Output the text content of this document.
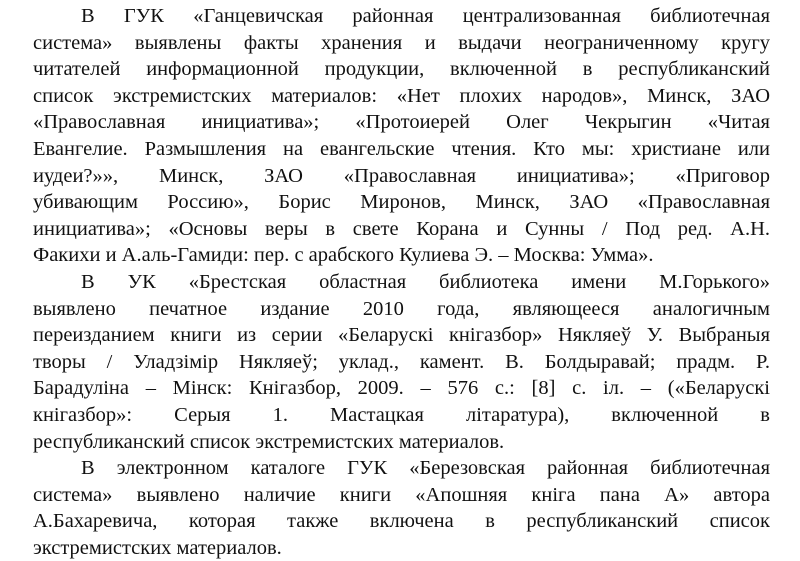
В ГУК «Ганцевичская районная централизованная библиотечная
система» выявлены факты хранения и выдачи неограниченному кругу
читателей информационной продукции, включенной в республиканский
список экстремистских материалов: «Нет плохих народов», Минск, ЗАО
«Православная инициатива»; «Протоиерей Олег Чекрыгин «Читая
Евангелие. Размышления на евангельские чтения. Кто мы: христиане или
иудеи?»», Минск, ЗАО «Православная инициатива»; «Приговор
убивающим Россию», Борис Миронов, Минск, ЗАО «Православная
инициатива»; «Основы веры в свете Корана и Сунны / Под ред. А.Н.
Факихи и А.аль-Гамиди: пер. с арабского Кулиева Э. – Москва: Умма».
В УК «Брестская областная библиотека имени М.Горького»
выявлено печатное издание 2010 года, являющееся аналогичным
переизданием книги из серии «Беларускі кнігазбор» Някляеў У. Выбраныя
творы / Уладзімір Някляеў; уклад., камент. В. Болдыравай; прадм. Р.
Барадуліна – Мінск: Кнігазбор, 2009. – 576 с.: [8] с. іл. – («Беларускі
кнігазбор»: Серыя 1. Мастацкая літаратура), включенной в
республиканский список экстремистских материалов.
В электронном каталоге ГУК «Березовская районная библиотечная
система» выявлено наличие книги «Апошняя кніга пана А» автора
А.Бахаревича, которая также включена в республиканский список
экстремистских материалов.
